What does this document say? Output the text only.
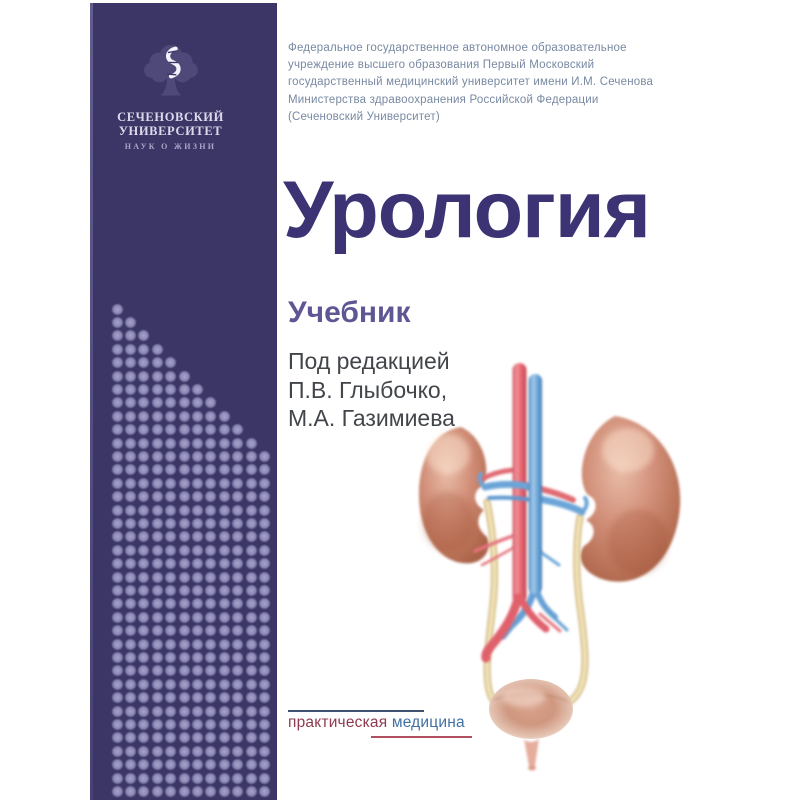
СЕЧЕНОВСКИЙ
УНИВЕРСИТЕТ
НАУК О ЖИЗНИ
Федеральное государственное автономное образовательное
учреждение высшего образования Первый Московский
государственный медицинский университет имени И.М. Сеченова
Министерства здравоохранения Российской Федерации
(Сеченовский Университет)
Урология
Учебник
Под редакцией
П.В. Глыбочко,
М.А. Газимиева
практическая медицина
